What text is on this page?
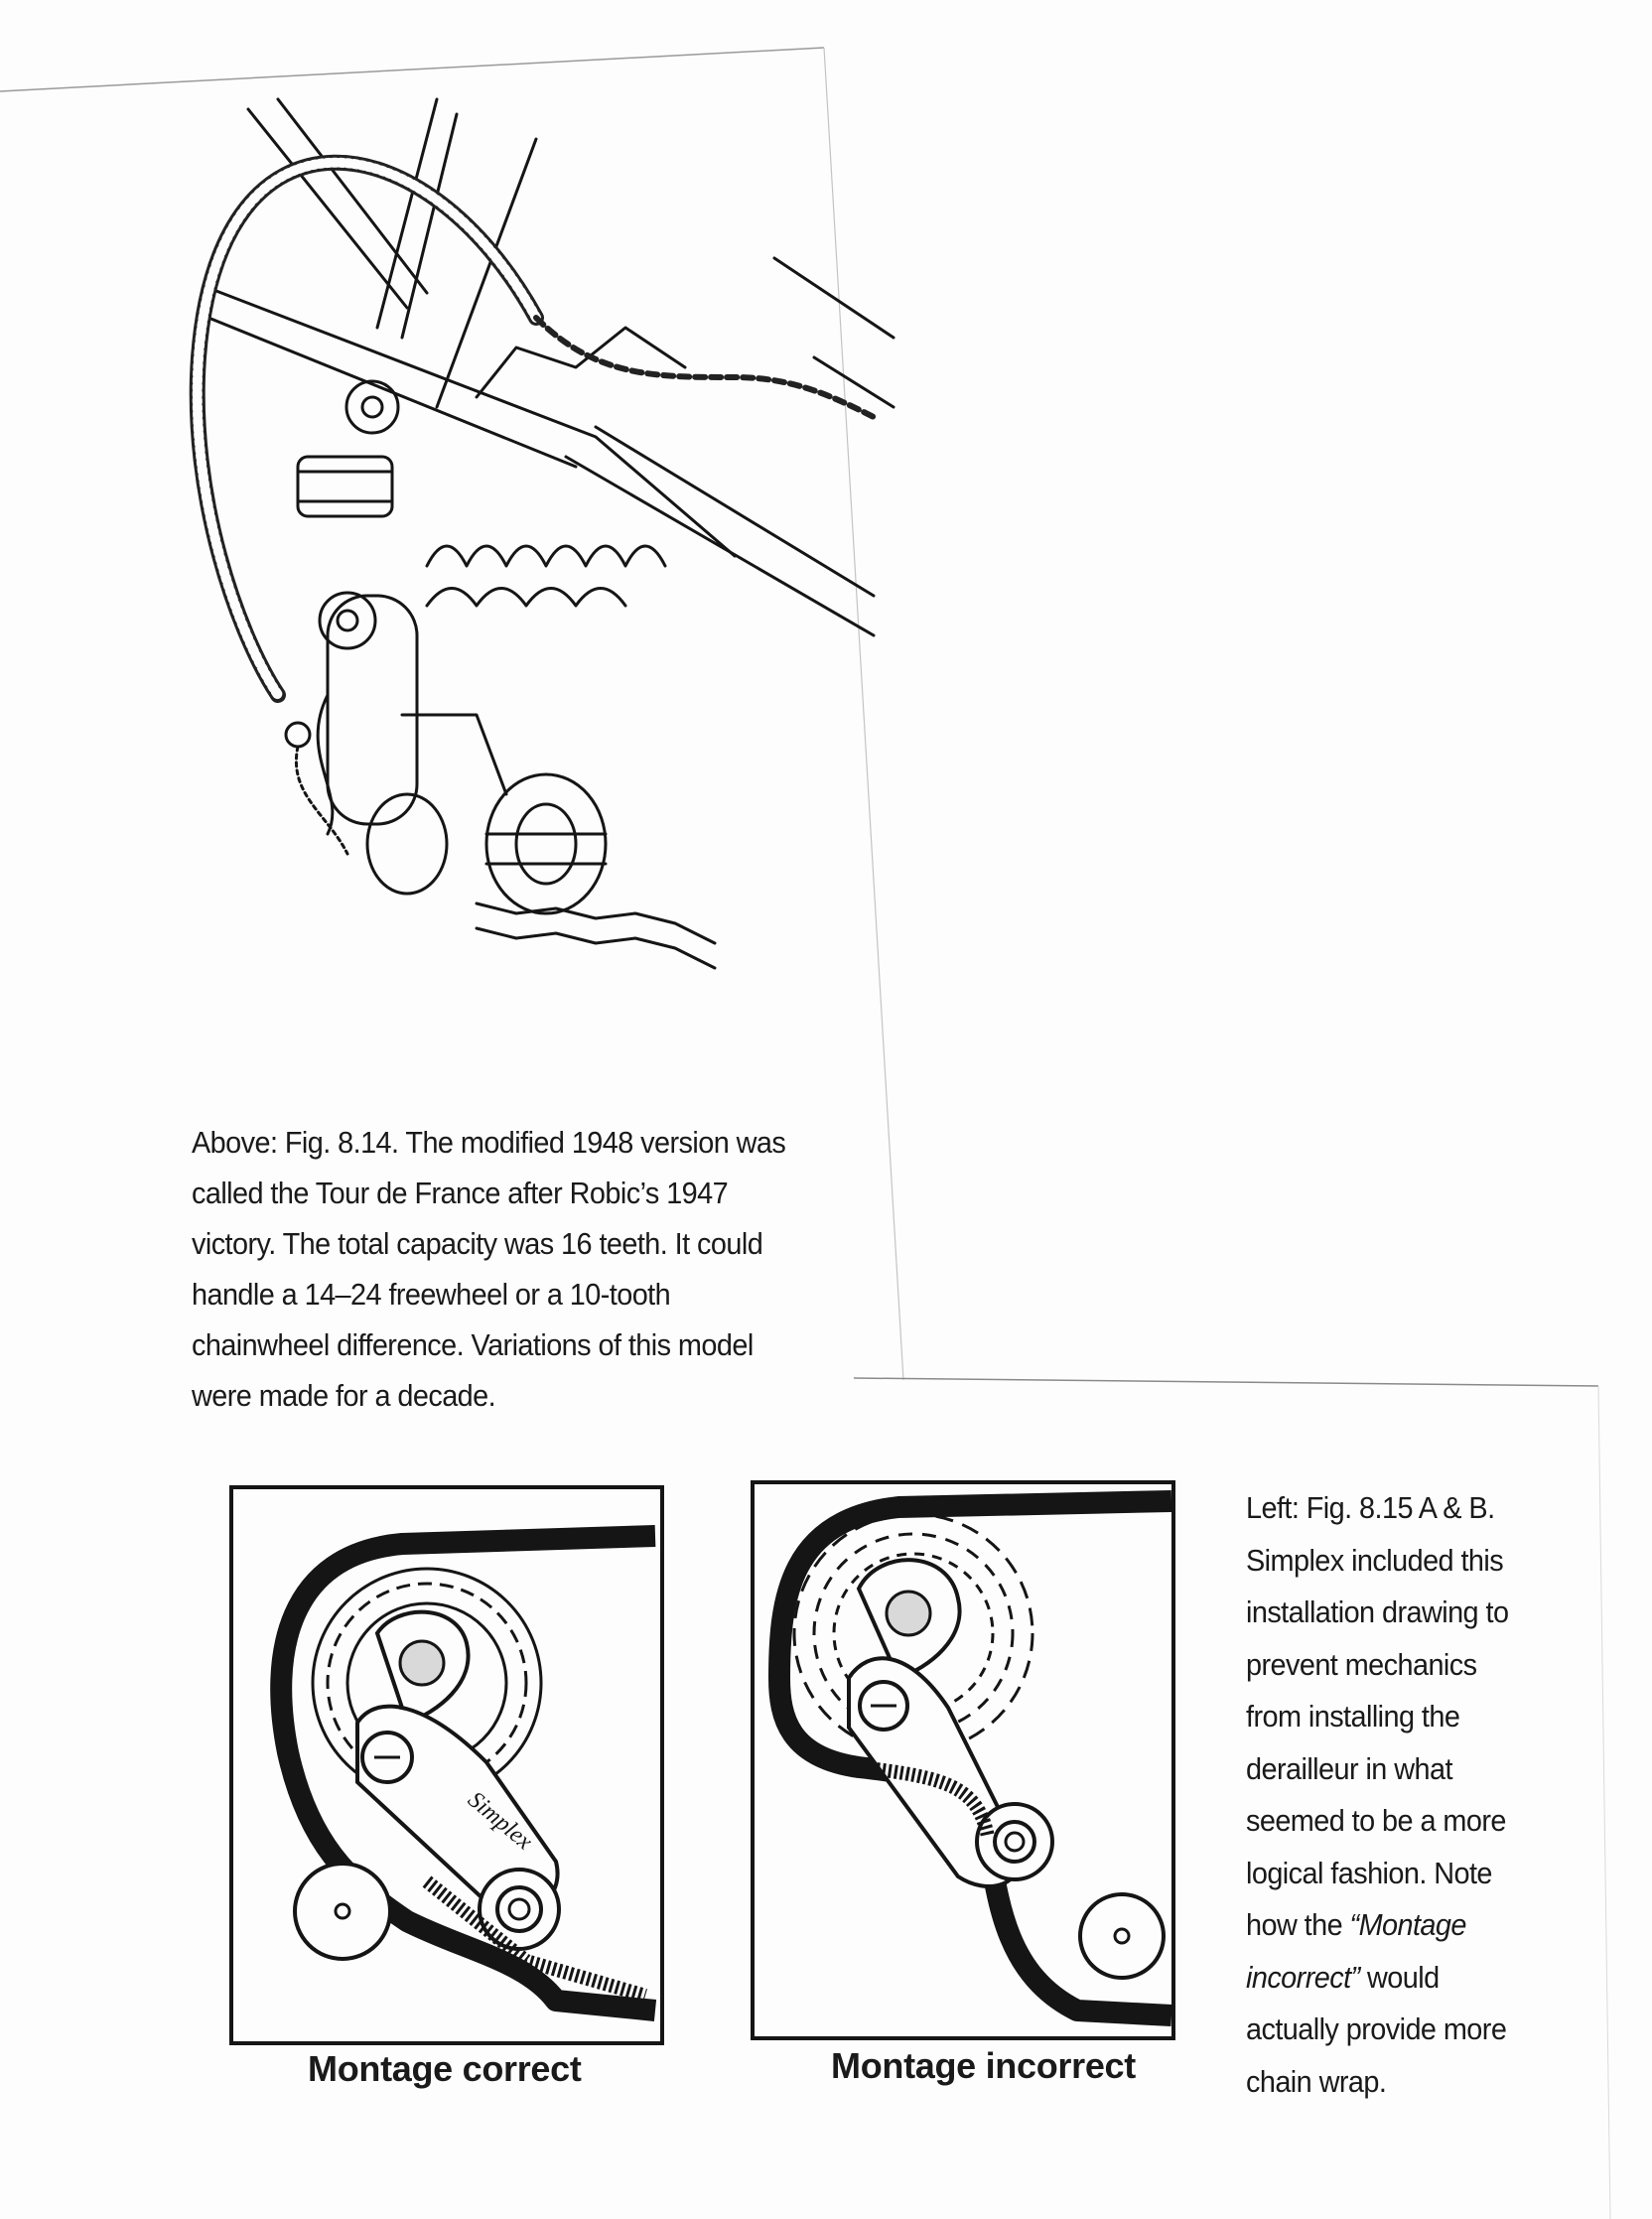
Above: Fig. 8.14. The modified 1948 version was
called the Tour de France after Robic’s 1947
victory. The total capacity was 16 teeth. It could
handle a 14–24 freewheel or a 10-tooth
chainwheel difference. Variations of this model
were made for a decade.
Simplex
Montage correct	Montage incorrect
Left: Fig. 8.15 A & B.
Simplex included this
installation drawing to
prevent mechanics
from installing the
derailleur in what
seemed to be a more
logical fashion. Note
how the “Montage
incorrect” would
actually provide more
chain wrap.
